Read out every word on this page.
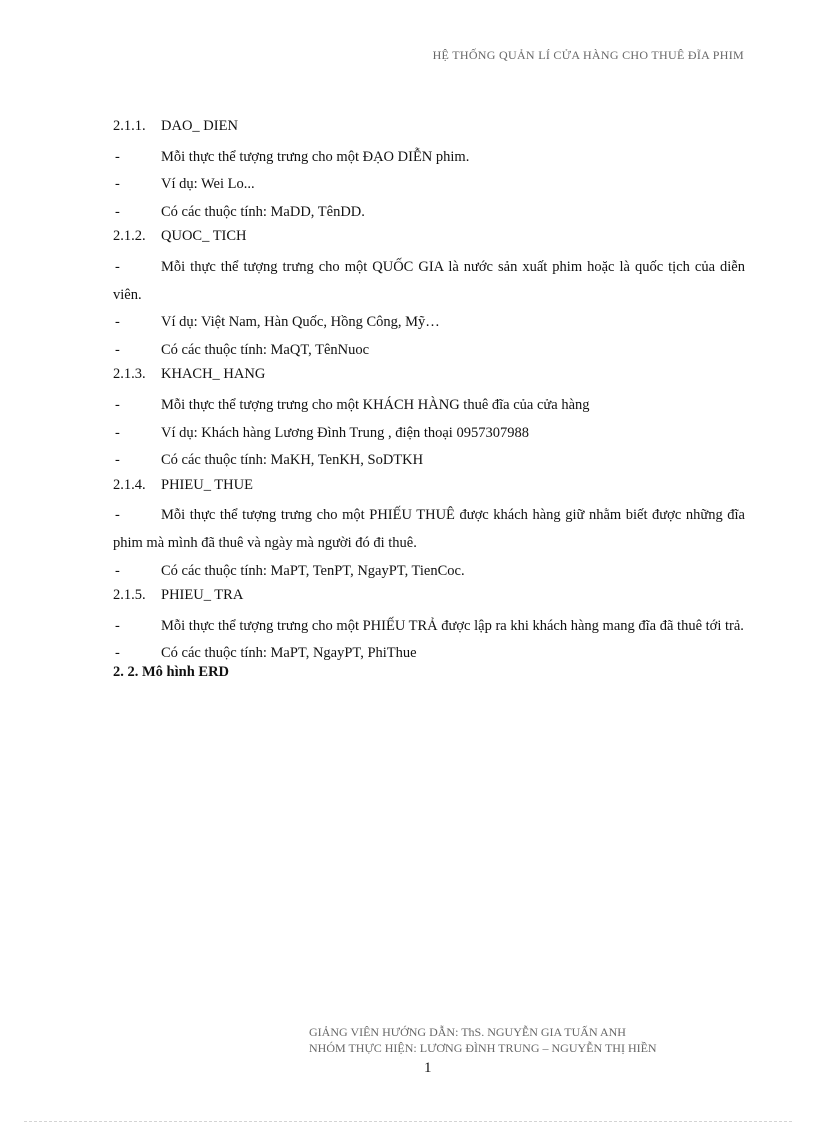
HỆ THỐNG QUẢN LÍ CỬA HÀNG CHO THUÊ ĐĨA PHIM
2.1.1.	DAO_ DIEN
-	Mỗi thực thể tượng trưng cho một ĐẠO DIỄN phim.
-	Ví dụ: Wei Lo...
-	Có các thuộc tính: MaDD, TênDD.
2.1.2.	QUOC_ TICH
-	Mỗi thực thể tượng trưng cho một QUỐC GIA là nước sản xuất phim hoặc là quốc tịch của diễn viên.
-	Ví dụ: Việt Nam, Hàn Quốc, Hồng Công, Mỹ…
-	Có các thuộc tính: MaQT, TênNuoc
2.1.3.	KHACH_ HANG
-	Mỗi thực thể tượng trưng cho một KHÁCH HÀNG thuê đĩa của cửa hàng
-	Ví dụ: Khách hàng Lương Đình Trung , điện thoại 0957307988
-	Có các thuộc tính: MaKH, TenKH, SoDTKH
2.1.4.	PHIEU_ THUE
-	Mỗi thực thể tượng trưng cho một PHIẾU THUÊ được khách hàng giữ nhằm biết được những đĩa phim mà mình đã thuê và ngày mà người đó đi thuê.
-	Có các thuộc tính: MaPT, TenPT, NgayPT, TienCoc.
2.1.5.	PHIEU_ TRA
-	Mỗi thực thể tượng trưng cho một PHIẾU TRẢ được lập ra khi khách hàng mang đĩa đã thuê tới trả.
-	Có các thuộc tính: MaPT, NgayPT, PhiThue
2. 2. Mô hình ERD
GIẢNG VIÊN HƯỚNG DẪN: ThS. NGUYỄN GIA TUẤN ANH
NHÓM THỰC HIỆN: LƯƠNG ĐÌNH TRUNG – NGUYỄN THỊ HIỀN
1
